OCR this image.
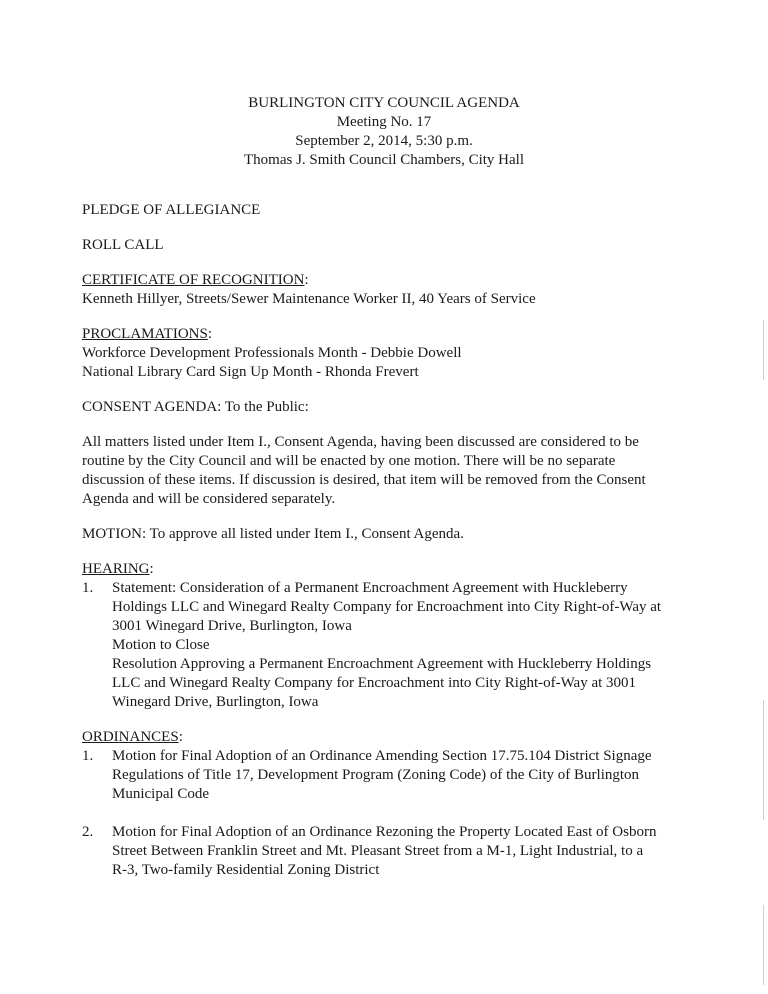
BURLINGTON CITY COUNCIL AGENDA
Meeting No. 17
September 2, 2014, 5:30 p.m.
Thomas J. Smith Council Chambers, City Hall
PLEDGE OF ALLEGIANCE
ROLL CALL
CERTIFICATE OF RECOGNITION:
Kenneth Hillyer, Streets/Sewer Maintenance Worker II, 40 Years of Service
PROCLAMATIONS:
Workforce Development Professionals Month - Debbie Dowell
National Library Card Sign Up Month - Rhonda Frevert
CONSENT AGENDA: To the Public:
All matters listed under Item I., Consent Agenda, having been discussed are considered to be
routine by the City Council and will be enacted by one motion. There will be no separate
discussion of these items. If discussion is desired, that item will be removed from the Consent
Agenda and will be considered separately.
MOTION: To approve all listed under Item I., Consent Agenda.
HEARING:
1. Statement: Consideration of a Permanent Encroachment Agreement with Huckleberry
Holdings LLC and Winegard Realty Company for Encroachment into City Right-of-Way at
3001 Winegard Drive, Burlington, Iowa
Motion to Close
Resolution Approving a Permanent Encroachment Agreement with Huckleberry Holdings
LLC and Winegard Realty Company for Encroachment into City Right-of-Way at 3001
Winegard Drive, Burlington, Iowa
ORDINANCES:
1. Motion for Final Adoption of an Ordinance Amending Section 17.75.104 District Signage
Regulations of Title 17, Development Program (Zoning Code) of the City of Burlington
Municipal Code
2. Motion for Final Adoption of an Ordinance Rezoning the Property Located East of Osborn
Street Between Franklin Street and Mt. Pleasant Street from a M-1, Light Industrial, to a
R-3, Two-family Residential Zoning District
